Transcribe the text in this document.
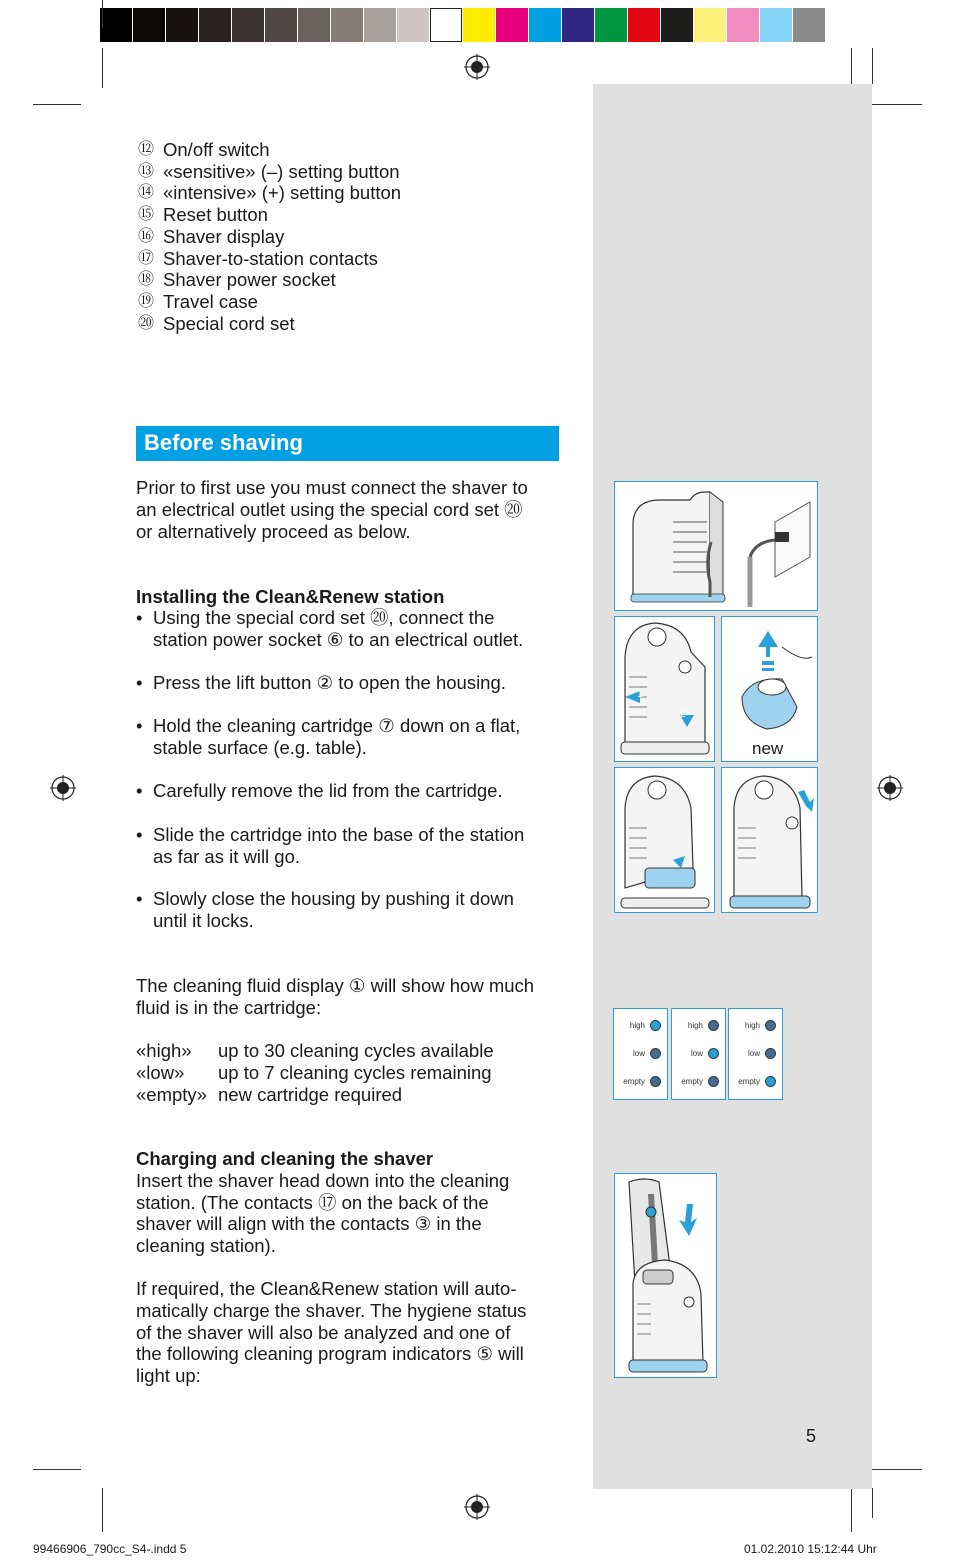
⑫ On/off switch
⑬ «sensitive» (–) setting button
⑭ «intensive» (+) setting button
⑮ Reset button
⑯ Shaver display
⑰ Shaver-to-station contacts
⑱ Shaver power socket
⑲ Travel case
⑳ Special cord set
Before shaving
Prior to first use you must connect the shaver to
an electrical outlet using the special cord set ⑳
or alternatively proceed as below.
Installing the Clean&Renew station
• Using the special cord set ⑳, connect the
station power socket ⑥ to an electrical outlet.
• Press the lift button ② to open the housing.
• Hold the cleaning cartridge ⑦ down on a flat,
stable surface (e.g. table).
• Carefully remove the lid from the cartridge.
• Slide the cartridge into the base of the station
as far as it will go.
• Slowly close the housing by pushing it down
until it locks.
The cleaning fluid display ① will show how much
fluid is in the cartridge:
«high»	up to 30 cleaning cycles available
«low»	up to 7 cleaning cycles remaining
«empty» new cartridge required
Charging and cleaning the shaver
Insert the shaver head down into the cleaning
station. (The contacts ⑰ on the back of the
shaver will align with the contacts ③ in the
cleaning station).
If required, the Clean&Renew station will auto-
matically charge the shaver. The hygiene status
of the shaver will also be analyzed and one of
the following cleaning program indicators ⑤ will
light up:
1
2
new
high
low
empty
high
low
empty
high
low
empty
5
99466906_790cc_S4-.indd 5	01.02.2010 15:12:44 Uhr
